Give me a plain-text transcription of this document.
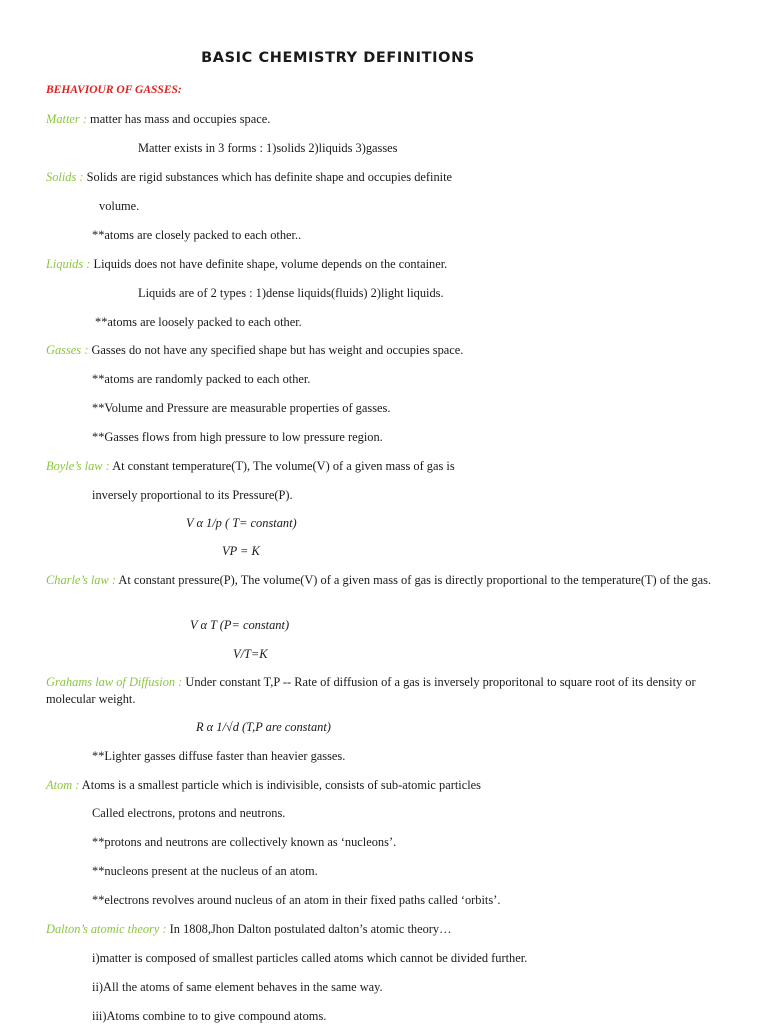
BASIC CHEMISTRY DEFINITIONS
BEHAVIOUR OF GASSES:
Matter : matter has mass and occupies space.
Matter exists in 3 forms : 1)solids 2)liquids 3)gasses
Solids : Solids are rigid substances which has definite shape and occupies definite
volume.
**atoms are closely packed to each other..
Liquids : Liquids does not have definite shape, volume depends on the container.
Liquids are of 2 types : 1)dense liquids(fluids) 2)light liquids.
**atoms are loosely packed to each other.
Gasses : Gasses do not have any specified shape but has weight and occupies space.
**atoms are randomly packed to each other.
**Volume and Pressure are measurable properties of gasses.
**Gasses flows from high pressure to low pressure region.
Boyle’s law : At constant temperature(T), The volume(V) of a given mass of gas is
inversely proportional to its Pressure(P).
V α 1/p ( T= constant)
VP = K
Charle’s law : At constant pressure(P), The volume(V) of a given mass of gas is directly proportional to the temperature(T) of the gas.
V α T (P= constant)
V/T=K
Grahams law of Diffusion : Under constant T,P -- Rate of diffusion of a gas is inversely proporitonal to square root of its density or molecular weight.
R α 1/√d (T,P are constant)
**Lighter gasses diffuse faster than heavier gasses.
Atom : Atoms is a smallest particle which is indivisible, consists of sub-atomic particles
Called electrons, protons and neutrons.
**protons and neutrons are collectively known as ‘nucleons’.
**nucleons present at the nucleus of an atom.
**electrons revolves around nucleus of an atom in their fixed paths called ‘orbits’.
Dalton’s atomic theory : In 1808,Jhon Dalton postulated dalton’s atomic theory…
i)matter is composed of smallest particles called atoms which cannot be divided further.
ii)All the atoms of same element behaves in the same way.
iii)Atoms combine to to give compound atoms.
